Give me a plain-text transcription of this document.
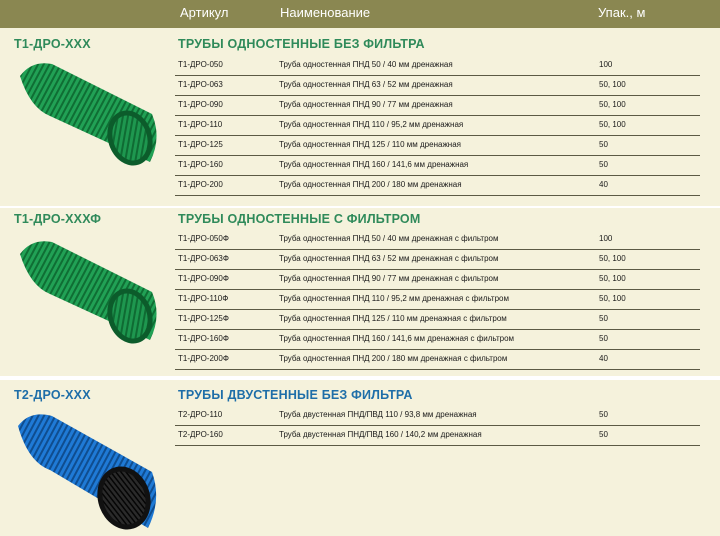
Артикул	Наименование	Упак., м
Т1-ДРО-ХХХ	ТРУБЫ ОДНОСТЕННЫЕ БЕЗ ФИЛЬТРА
Т1-ДРО-050	Труба одностенная ПНД 50 / 40 мм дренажная	100
Т1-ДРО-063	Труба одностенная ПНД 63 / 52 мм дренажная	50, 100
Т1-ДРО-090	Труба одностенная ПНД 90 / 77 мм дренажная	50, 100
Т1-ДРО-110	Труба одностенная ПНД 110 / 95,2 мм дренажная	50, 100
Т1-ДРО-125	Труба одностенная ПНД 125 / 110 мм дренажная	50
Т1-ДРО-160	Труба одностенная ПНД 160 / 141,6 мм дренажная	50
Т1-ДРО-200	Труба одностенная ПНД 200 / 180 мм дренажная	40
Т1-ДРО-ХХХФ	ТРУБЫ ОДНОСТЕННЫЕ С ФИЛЬТРОМ
Т1-ДРО-050Ф	Труба одностенная ПНД 50 / 40 мм дренажная с фильтром	100
Т1-ДРО-063Ф	Труба одностенная ПНД 63 / 52 мм дренажная с фильтром	50, 100
Т1-ДРО-090Ф	Труба одностенная ПНД 90 / 77 мм дренажная с фильтром	50, 100
Т1-ДРО-110Ф	Труба одностенная ПНД 110 / 95,2 мм дренажная с фильтром	50, 100
Т1-ДРО-125Ф	Труба одностенная ПНД 125 / 110 мм дренажная с фильтром	50
Т1-ДРО-160Ф	Труба одностенная ПНД 160 / 141,6 мм дренажная с фильтром	50
Т1-ДРО-200Ф	Труба одностенная ПНД 200 / 180 мм дренажная с фильтром	40
Т2-ДРО-ХХХ	ТРУБЫ ДВУСТЕННЫЕ БЕЗ ФИЛЬТРА
Т2-ДРО-110	Труба двустенная ПНД/ПВД 110 / 93,8 мм дренажная	50
Т2-ДРО-160	Труба двустенная ПНД/ПВД 160 / 140,2 мм дренажная	50
